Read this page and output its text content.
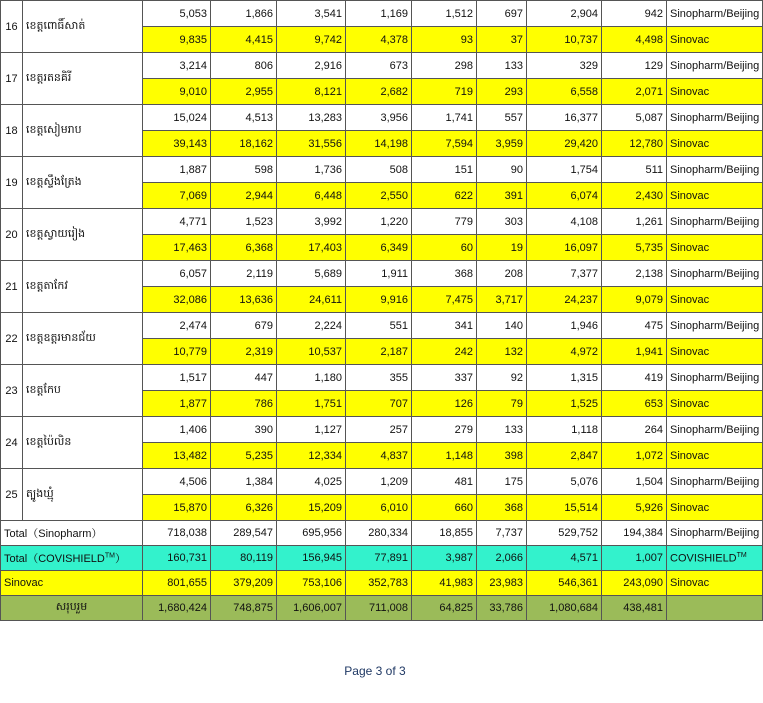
16	ខេត្តពោធិ៍សាត់	5,053	1,866	3,541	1,169	1,512	697	2,904	942	Sinopharm/Beijing
		9,835	4,415	9,742	4,378	93	37	10,737	4,498	Sinovac
17	ខេត្តរតនគិរី	3,214	806	2,916	673	298	133	329	129	Sinopharm/Beijing
		9,010	2,955	8,121	2,682	719	293	6,558	2,071	Sinovac
18	ខេត្តសៀមរាប	15,024	4,513	13,283	3,956	1,741	557	16,377	5,087	Sinopharm/Beijing
		39,143	18,162	31,556	14,198	7,594	3,959	29,420	12,780	Sinovac
19	ខេត្តស្ទឹងត្រែង	1,887	598	1,736	508	151	90	1,754	511	Sinopharm/Beijing
		7,069	2,944	6,448	2,550	622	391	6,074	2,430	Sinovac
20	ខេត្តស្វាយរៀង	4,771	1,523	3,992	1,220	779	303	4,108	1,261	Sinopharm/Beijing
		17,463	6,368	17,403	6,349	60	19	16,097	5,735	Sinovac
21	ខេត្តតាកែវ	6,057	2,119	5,689	1,911	368	208	7,377	2,138	Sinopharm/Beijing
		32,086	13,636	24,611	9,916	7,475	3,717	24,237	9,079	Sinovac
22	ខេត្តឧត្តរមានជ័យ	2,474	679	2,224	551	341	140	1,946	475	Sinopharm/Beijing
		10,779	2,319	10,537	2,187	242	132	4,972	1,941	Sinovac
23	ខេត្តកែប	1,517	447	1,180	355	337	92	1,315	419	Sinopharm/Beijing
		1,877	786	1,751	707	126	79	1,525	653	Sinovac
24	ខេត្តប៉ៃលិន	1,406	390	1,127	257	279	133	1,118	264	Sinopharm/Beijing
		13,482	5,235	12,334	4,837	1,148	398	2,847	1,072	Sinovac
25	ត្បូងឃ្មុំ	4,506	1,384	4,025	1,209	481	175	5,076	1,504	Sinopharm/Beijing
		15,870	6,326	15,209	6,010	660	368	15,514	5,926	Sinovac
Total（Sinopharm）		718,038	289,547	695,956	280,334	18,855	7,737	529,752	194,384	Sinopharm/Beijing
Total（COVISHIELD™）		160,731	80,119	156,945	77,891	3,987	2,066	4,571	1,007	COVISHIELD™
Sinovac		801,655	379,209	753,106	352,783	41,983	23,983	546,361	243,090	Sinovac
សរុបរួម		1,680,424	748,875	1,606,007	711,008	64,825	33,786	1,080,684	438,481	
Page 3 of 3
